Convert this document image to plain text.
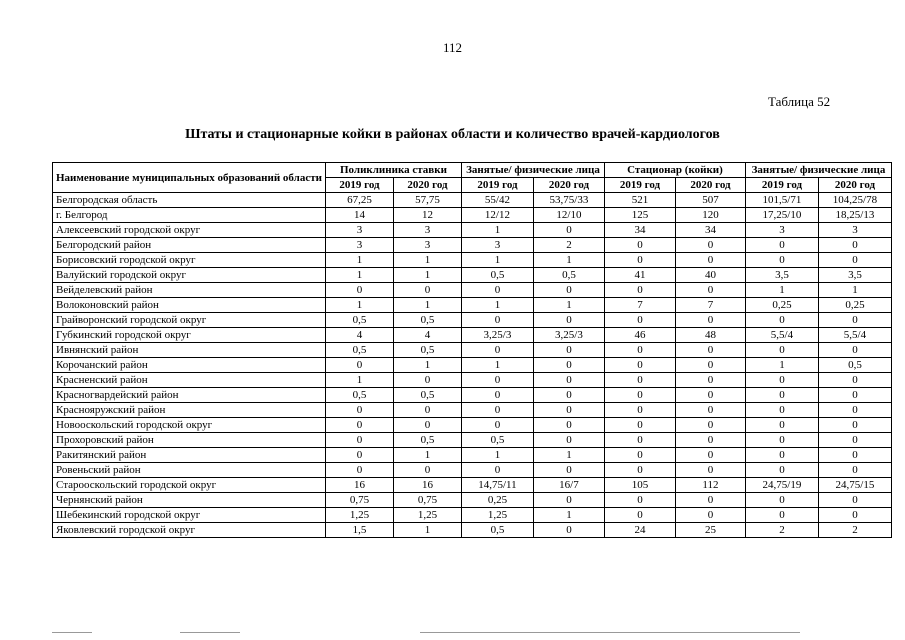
112
Таблица 52
Штаты и стационарные койки в районах области и количество врачей-кардиологов
Наименование муниципальных образований области	Поликлиника ставки		Занятые/ физические лица		Стационар (койки)		Занятые/ физические лица	
	2019 год	2020 год	2019 год	2020 год	2019 год	2020 год	2019 год	2020 год
Белгородская область	67,25	57,75	55/42	53,75/33	521	507	101,5/71	104,25/78
г. Белгород	14	12	12/12	12/10	125	120	17,25/10	18,25/13
Алексеевский городской округ	3	3	1	0	34	34	3	3
Белгородский район	3	3	3	2	0	0	0	0
Борисовский городской округ	1	1	1	1	0	0	0	0
Валуйский городской округ	1	1	0,5	0,5	41	40	3,5	3,5
Вейделевский район	0	0	0	0	0	0	1	1
Волоконовский район	1	1	1	1	7	7	0,25	0,25
Грайворонский городской округ	0,5	0,5	0	0	0	0	0	0
Губкинский городской округ	4	4	3,25/3	3,25/3	46	48	5,5/4	5,5/4
Ивнянский район	0,5	0,5	0	0	0	0	0	0
Корочанский район	0	1	1	0	0	0	1	0,5
Красненский район	1	0	0	0	0	0	0	0
Красногвардейский район	0,5	0,5	0	0	0	0	0	0
Краснояружский район	0	0	0	0	0	0	0	0
Новооскольский городской округ	0	0	0	0	0	0	0	0
Прохоровский район	0	0,5	0,5	0	0	0	0	0
Ракитянский район	0	1	1	1	0	0	0	0
Ровеньский район	0	0	0	0	0	0	0	0
Старооскольский городской округ	16	16	14,75/11	16/7	105	112	24,75/19	24,75/15
Чернянский район	0,75	0,75	0,25	0	0	0	0	0
Шебекинский городской округ	1,25	1,25	1,25	1	0	0	0	0
Яковлевский городской округ	1,5	1	0,5	0	24	25	2	2
